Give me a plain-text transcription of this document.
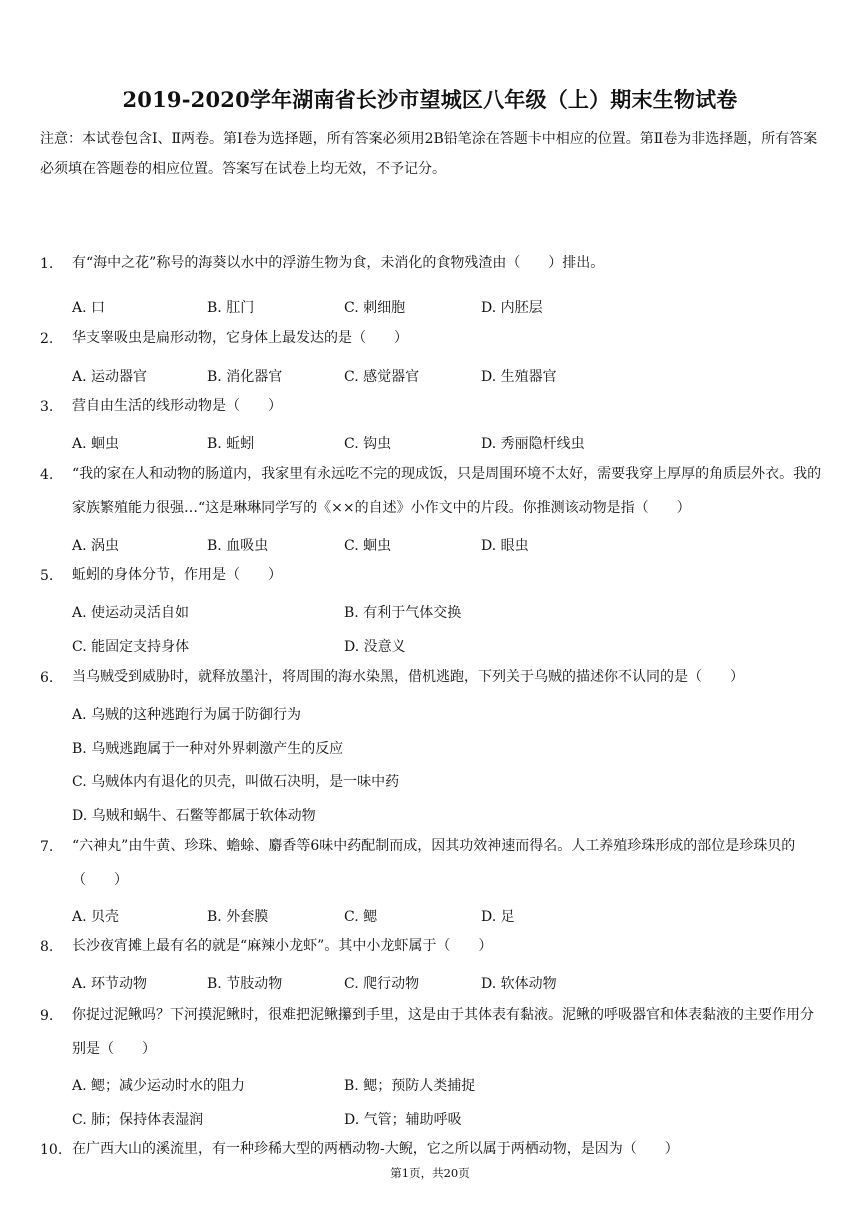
2019-2020学年湖南省长沙市望城区八年级（上）期末生物试卷
注意：本试卷包含Ⅰ、Ⅱ两卷。第Ⅰ卷为选择题，所有答案必须用2B铅笔涂在答题卡中相应的位置。第Ⅱ卷为非选择题，所有答案必须填在答题卷的相应位置。答案写在试卷上均无效，不予记分。
1. 有“海中之花”称号的海葵以水中的浮游生物为食，未消化的食物残渣由（　　）排出。
A. 口	B. 肛门	C. 刺细胞	D. 内胚层
2. 华支睾吸虫是扁形动物，它身体上最发达的是（　　）
A. 运动器官	B. 消化器官	C. 感觉器官	D. 生殖器官
3. 营自由生活的线形动物是（　　）
A. 蛔虫	B. 蚯蚓	C. 钩虫	D. 秀丽隐杆线虫
4. “我的家在人和动物的肠道内，我家里有永远吃不完的现成饭，只是周围环境不太好，需要我穿上厚厚的角质层外衣。我的家族繁殖能力很强…“这是琳琳同学写的《××的自述》小作文中的片段。你推测该动物是指（　　）
A. 涡虫	B. 血吸虫	C. 蛔虫	D. 眼虫
5. 蚯蚓的身体分节，作用是（　　）
A. 使运动灵活自如	B. 有利于气体交换
C. 能固定支持身体	D. 没意义
6. 当乌贼受到威胁时，就释放墨汁，将周围的海水染黑，借机逃跑，下列关于乌贼的描述你不认同的是（　　）
A. 乌贼的这种逃跑行为属于防御行为
B. 乌贼逃跑属于一种对外界刺激产生的反应
C. 乌贼体内有退化的贝壳，叫做石决明，是一味中药
D. 乌贼和蜗牛、石鳖等都属于软体动物
7. “六神丸”由牛黄、珍珠、蟾蜍、麝香等6味中药配制而成，因其功效神速而得名。人工养殖珍珠形成的部位是珍珠贝的（　　）
A. 贝壳	B. 外套膜	C. 鳃	D. 足
8. 长沙夜宵摊上最有名的就是“麻辣小龙虾”。其中小龙虾属于（　　）
A. 环节动物	B. 节肢动物	C. 爬行动物	D. 软体动物
9. 你捉过泥鳅吗？下河摸泥鳅时，很难把泥鳅攥到手里，这是由于其体表有黏液。泥鳅的呼吸器官和体表黏液的主要作用分别是（　　）
A. 鳃；减少运动时水的阻力	B. 鳃；预防人类捕捉
C. 肺；保持体表湿润	D. 气管；辅助呼吸
10. 在广西大山的溪流里，有一种珍稀大型的两栖动物-大鲵，它之所以属于两栖动物，是因为（　　）
第1页，共20页
